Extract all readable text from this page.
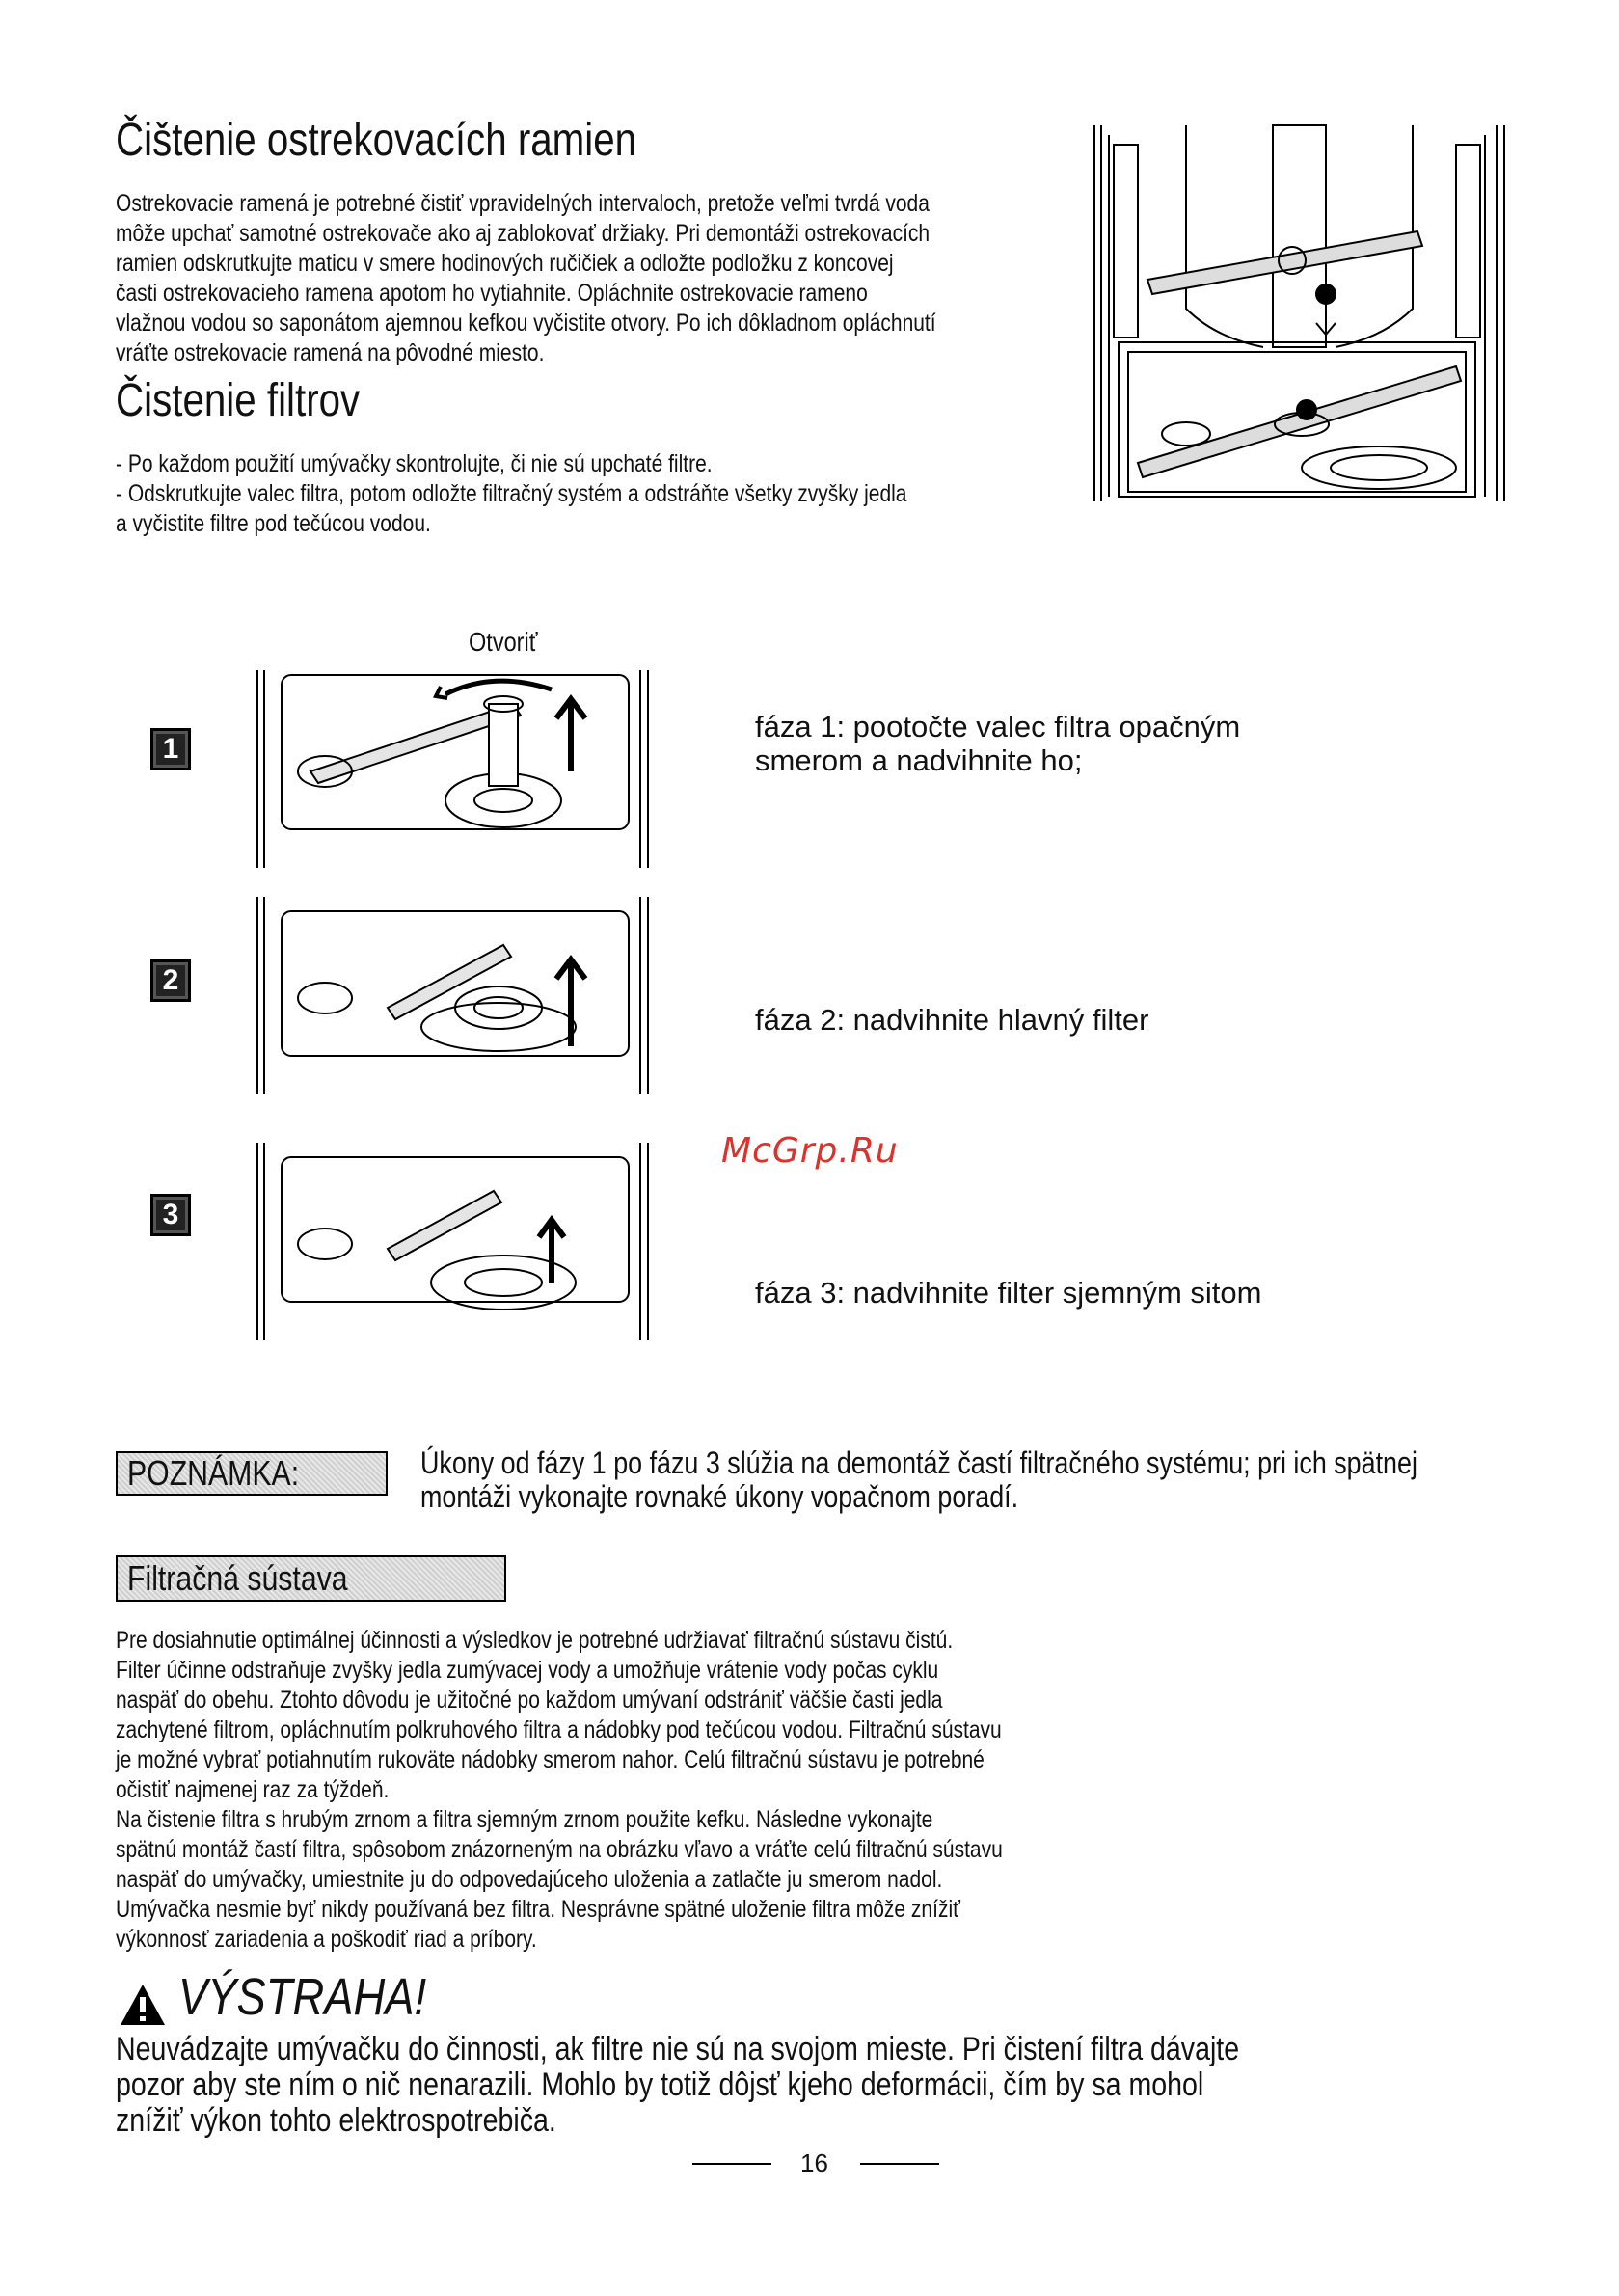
Čištenie ostrekovacích ramien

Ostrekovacie ramená je potrebné čistiť vpravidelných intervaloch, pretože veľmi tvrdá voda

môže upchať samotné ostrekovače ako aj zablokovať držiaky. Pri demontáži ostrekovacích

ramien odskrutkujte maticu v smere hodinových ručičiek a odložte podložku z koncovej

časti ostrekovacieho ramena apotom ho vytiahnite. Opláchnite ostrekovacie rameno

vlažnou vodou so saponátom ajemnou kefkou vyčistite otvory. Po ich dôkladnom opláchnutí

vráťte ostrekovacie ramená na pôvodné miesto.

Čistenie filtrov

- Po každom použití umývačky skontrolujte, či nie sú upchaté filtre.

- Odskrutkujte valec filtra, potom odložte filtračný systém a odstráňte všetky zvyšky jedla

a vyčistite filtre pod tečúcou vodou.

Otvoriť
1
2
3
fáza 1: pootočte valec filtra opačným
smerom a nadvihnite ho;
fáza 2: nadvihnite hlavný filter
fáza 3: nadvihnite filter sjemným sitom
McGrp.Ru
POZNÁMKA:	Úkony od fázy 1 po fázu 3 slúžia na demontáž častí filtračného systému; pri ich spätnej
montáži vykonajte rovnaké úkony vopačnom poradí.
Filtračná sústava

Pre dosiahnutie optimálnej účinnosti a výsledkov je potrebné udržiavať filtračnú sústavu čistú.

Filter účinne odstraňuje zvyšky jedla zumývacej vody a umožňuje vrátenie vody počas cyklu

naspäť do obehu. Ztohto dôvodu je užitočné po každom umývaní odstrániť väčšie časti jedla

zachytené filtrom, opláchnutím polkruhového filtra a nádobky pod tečúcou vodou. Filtračnú sústavu

je možné vybrať potiahnutím rukoväte nádobky smerom nahor. Celú filtračnú sústavu je potrebné

očistiť najmenej raz za týždeň.

Na čistenie filtra s hrubým zrnom a filtra sjemným zrnom použite kefku. Následne vykonajte

spätnú montáž častí filtra, spôsobom znázorneným na obrázku vľavo a vráťte celú filtračnú sústavu

naspäť do umývačky, umiestnite ju do odpovedajúceho uloženia a zatlačte ju smerom nadol.

Umývačka nesmie byť nikdy používaná bez filtra. Nesprávne spätné uloženie filtra môže znížiť

výkonnosť zariadenia a poškodiť riad a príbory.

VÝSTRAHA!
Neuvádzajte umývačku do činnosti, ak filtre nie sú na svojom mieste. Pri čistení filtra dávajte
pozor aby ste ním o nič nenarazili. Mohlo by totiž dôjsť kjeho deformácii, čím by sa mohol
znížiť výkon tohto elektrospotrebiča.
16
